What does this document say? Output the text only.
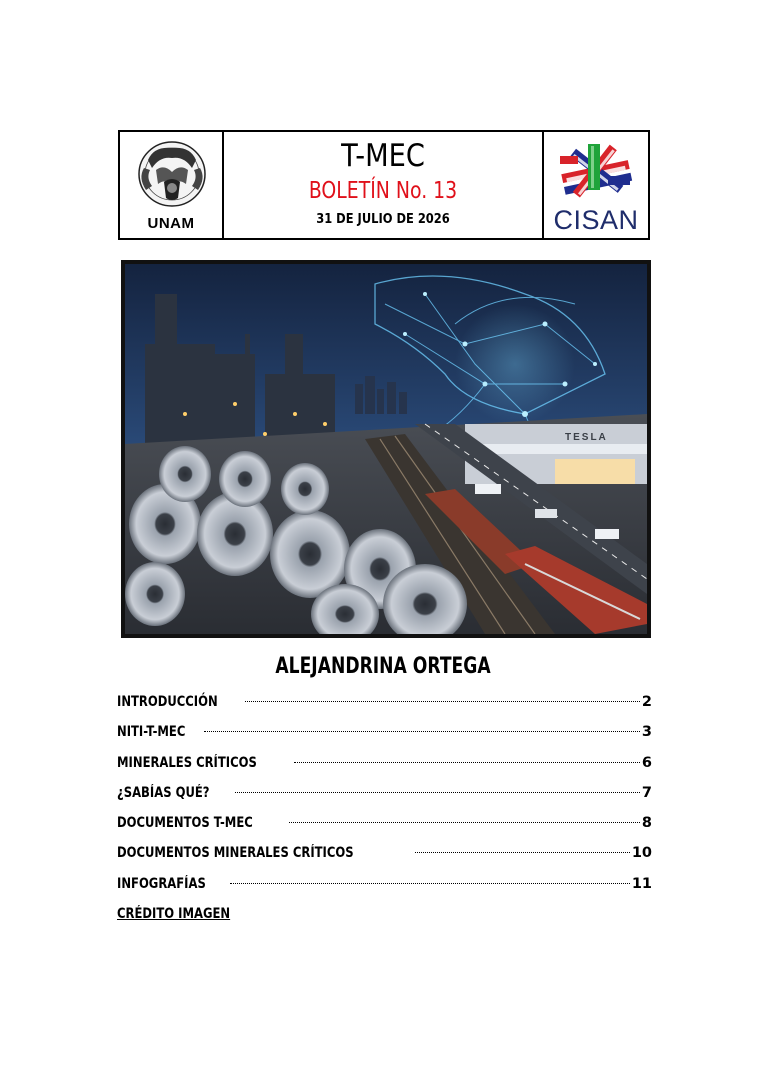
UNAM
T-MEC
BOLETÍN No. 13
31 DE JULIO DE 2026	CISAN
TESLA
ALEJANDRINA ORTEGA
INTRODUCCIÓN	2
NITI-T-MEC	3
MINERALES CRÍTICOS	6
¿SABÍAS QUÉ?	7
DOCUMENTOS T-MEC	8
DOCUMENTOS MINERALES CRÍTICOS	10
INFOGRAFÍAS	11
CRÉDITO IMAGEN
